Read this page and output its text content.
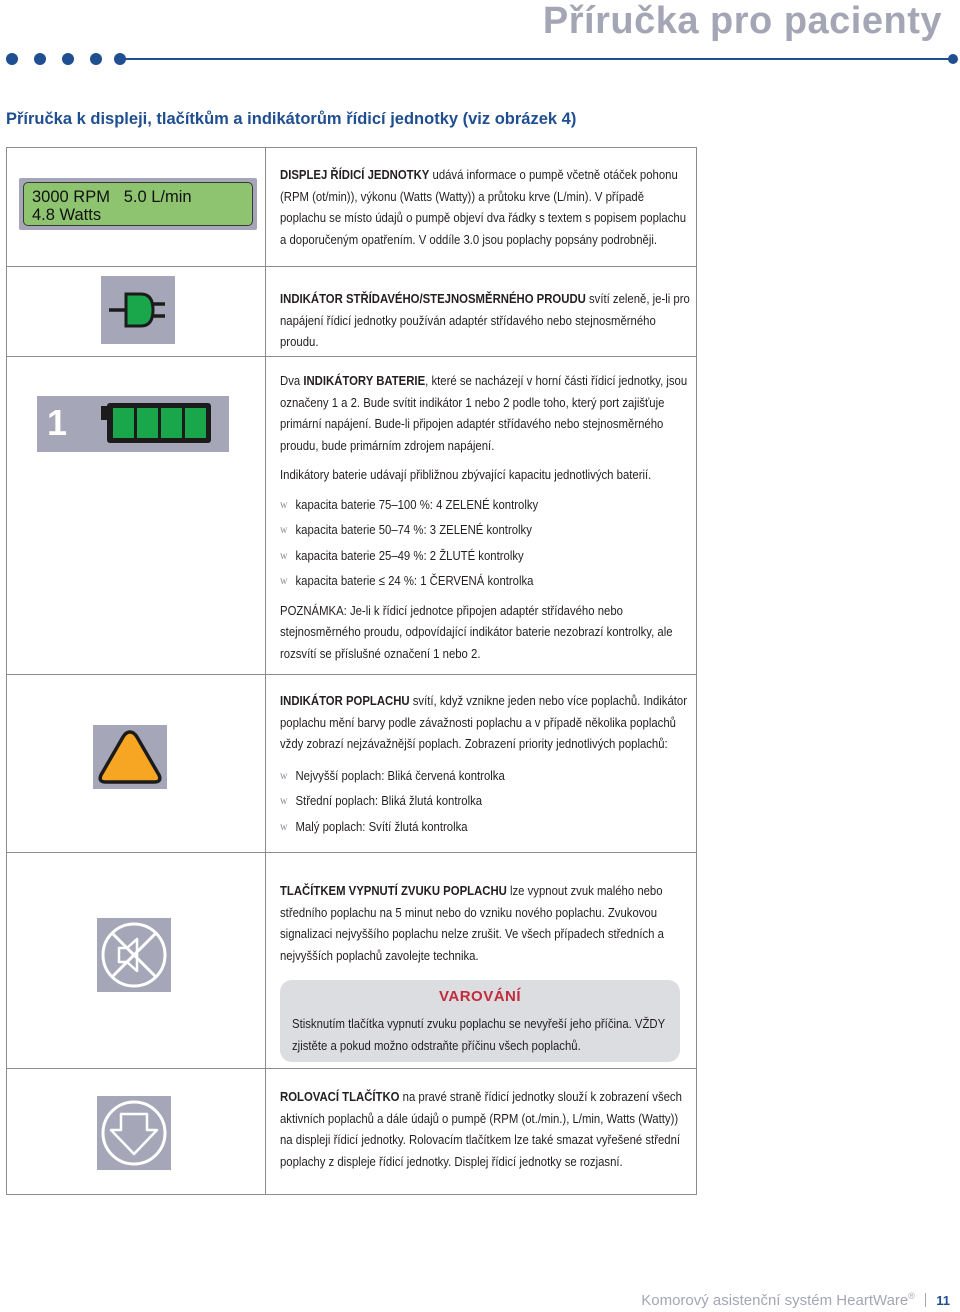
Příručka pro pacienty
Příručka k displeji, tlačítkům a indikátorům řídicí jednotky (viz obrázek 4)
3000 RPM   5.0 L/min
4.8 Watts
DISPLEJ ŘÍDICÍ JEDNOTKY udává informace o pumpě včetně otáček pohonu (RPM (ot/min)), výkonu (Watts (Watty)) a průtoku krve (L/min). V případě poplachu se místo údajů o pumpě objeví dva řádky s textem s popisem poplachu a doporučeným opatřením. V oddíle 3.0 jsou poplachy popsány podrobněji.
INDIKÁTOR STŘÍDAVÉHO/STEJNOSMĚRNÉHO PROUDU svítí zeleně, je-li pro napájení řídicí jednotky používán adaptér střídavého nebo stejnosměrného proudu.
1

Dva INDIKÁTORY BATERIE, které se nacházejí v horní části řídicí jednotky, jsou označeny 1 a 2. Bude svítit indikátor 1 nebo 2 podle toho, který port zajišťuje primární napájení. Bude-li připojen adaptér střídavého nebo stejnosměrného proudu, bude primárním zdrojem napájení.

Indikátory baterie udávají přibližnou zbývající kapacitu jednotlivých baterií.

w kapacita baterie 75–100 %: 4 ZELENÉ kontrolky
w kapacita baterie 50–74 %: 3 ZELENÉ kontrolky
w kapacita baterie 25–49 %: 2 ŽLUTÉ kontrolky
w kapacita baterie ≤ 24 %: 1 ČERVENÁ kontrolka

POZNÁMKA: Je-li k řídicí jednotce připojen adaptér střídavého nebo stejnosměrného proudu, odpovídající indikátor baterie nezobrazí kontrolky, ale rozsvítí se příslušné označení 1 nebo 2.

INDIKÁTOR POPLACHU svítí, když vznikne jeden nebo více poplachů. Indikátor poplachu mění barvy podle závažnosti poplachu a v případě několika poplachů vždy zobrazí nejzávažnější poplach. Zobrazení priority jednotlivých poplachů:

w Nejvyšší poplach: Bliká červená kontrolka
w Střední poplach: Bliká žlutá kontrolka
w Malý poplach: Svítí žlutá kontrolka
TLAČÍTKEM VYPNUTÍ ZVUKU POPLACHU lze vypnout zvuk malého nebo středního poplachu na 5 minut nebo do vzniku nového poplachu. Zvukovou signalizaci nejvyššího poplachu nelze zrušit. Ve všech případech středních a nejvyšších poplachů zavolejte technika.
VAROVÁNÍ
Stisknutím tlačítka vypnutí zvuku poplachu se nevyřeší jeho příčina. VŽDY zjistěte a pokud možno odstraňte příčinu všech poplachů.
ROLOVACÍ TLAČÍTKO na pravé straně řídicí jednotky slouží k zobrazení všech aktivních poplachů a dále údajů o pumpě (RPM (ot./min.), L/min, Watts (Watty)) na displeji řídicí jednotky. Rolovacím tlačítkem lze také smazat vyřešené střední poplachy z displeje řídicí jednotky. Displej řídicí jednotky se rozjasní.
Komorový asistenční systém HeartWare® 11
